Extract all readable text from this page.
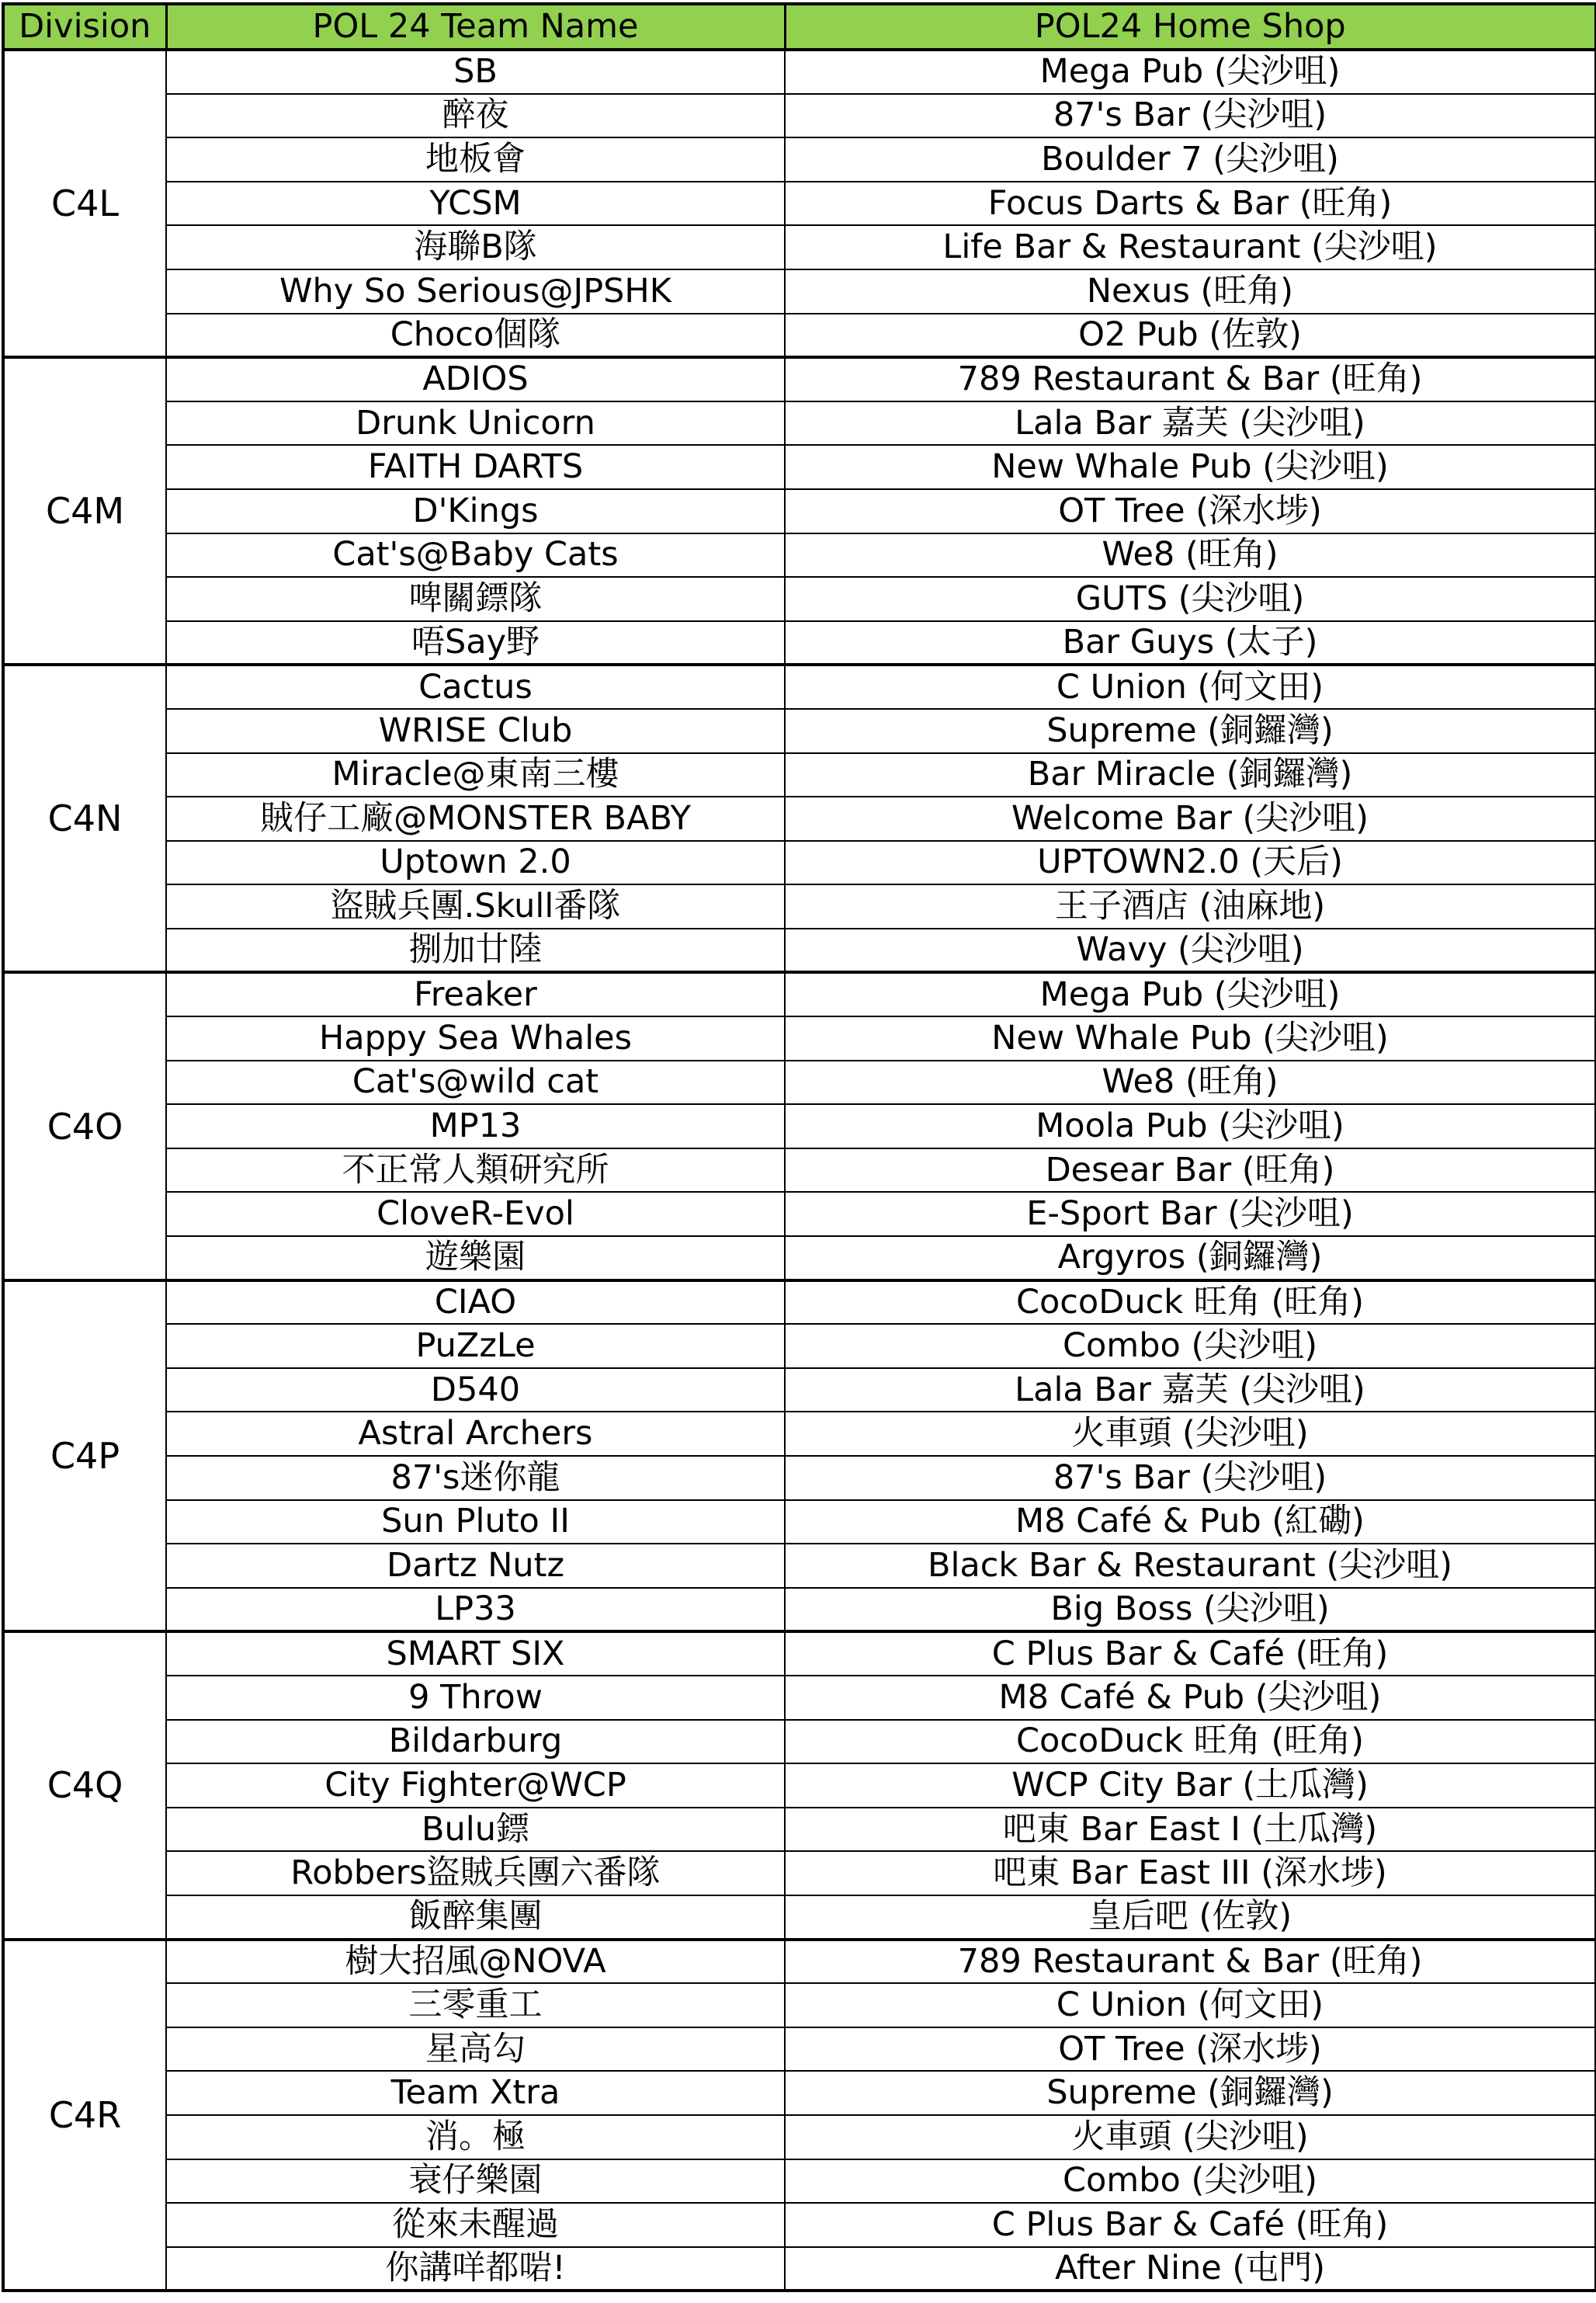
Division	POL 24 Team Name	POL24 Home Shop
C4L	SB	Mega Pub (尖沙咀)
	醉夜	87's Bar (尖沙咀)
	地板會	Boulder 7 (尖沙咀)
	YCSM	Focus Darts & Bar (旺角)
	海聯B隊	Life Bar & Restaurant (尖沙咀)
	Why So Serious@JPSHK	Nexus (旺角)
	Choco個隊	O2 Pub (佐敦)
C4M	ADIOS	789 Restaurant & Bar (旺角)
	Drunk Unicorn	Lala Bar 嘉芙 (尖沙咀)
	FAITH DARTS	New Whale Pub (尖沙咀)
	D'Kings	OT Tree (深水埗)
	Cat's@Baby Cats	We8 (旺角)
	啤關鏢隊	GUTS (尖沙咀)
	唔Say野	Bar Guys (太子)
C4N	Cactus	C Union (何文田)
	WRISE Club	Supreme (銅鑼灣)
	Miracle@東南三樓	Bar Miracle (銅鑼灣)
	賊仔工廠@MONSTER BABY	Welcome Bar (尖沙咀)
	Uptown 2.0	UPTOWN2.0 (天后)
	盜賊兵團.Skull番隊	王子酒店 (油麻地)
	捌加廿陸	Wavy (尖沙咀)
C4O	Freaker	Mega Pub (尖沙咀)
	Happy Sea Whales	New Whale Pub (尖沙咀)
	Cat's@wild cat	We8 (旺角)
	MP13	Moola Pub (尖沙咀)
	不正常人類研究所	Desear Bar (旺角)
	CloveR-Evol	E-Sport Bar (尖沙咀)
	遊樂園	Argyros (銅鑼灣)
C4P	CIAO	CocoDuck 旺角 (旺角)
	PuZzLe	Combo (尖沙咀)
	D540	Lala Bar 嘉芙 (尖沙咀)
	Astral Archers	火車頭 (尖沙咀)
	87's迷你龍	87's Bar (尖沙咀)
	Sun Pluto II	M8 Café & Pub (紅磡)
	Dartz Nutz	Black Bar & Restaurant (尖沙咀)
	LP33	Big Boss (尖沙咀)
C4Q	SMART SIX	C Plus Bar & Café (旺角)
	9 Throw	M8 Café & Pub (尖沙咀)
	Bildarburg	CocoDuck 旺角 (旺角)
	City Fighter@WCP	WCP City Bar (土瓜灣)
	Bulu鏢	吧東 Bar East I (土瓜灣)
	Robbers盜賊兵團六番隊	吧東 Bar East III (深水埗)
	飯醉集團	皇后吧 (佐敦)
C4R	樹大招風@NOVA	789 Restaurant & Bar (旺角)
	三零重工	C Union (何文田)
	星高勾	OT Tree (深水埗)
	Team Xtra	Supreme (銅鑼灣)
	消。極	火車頭 (尖沙咀)
	衰仔樂園	Combo (尖沙咀)
	從來未醒過	C Plus Bar & Café (旺角)
	你講咩都啱!	After Nine (屯門)
